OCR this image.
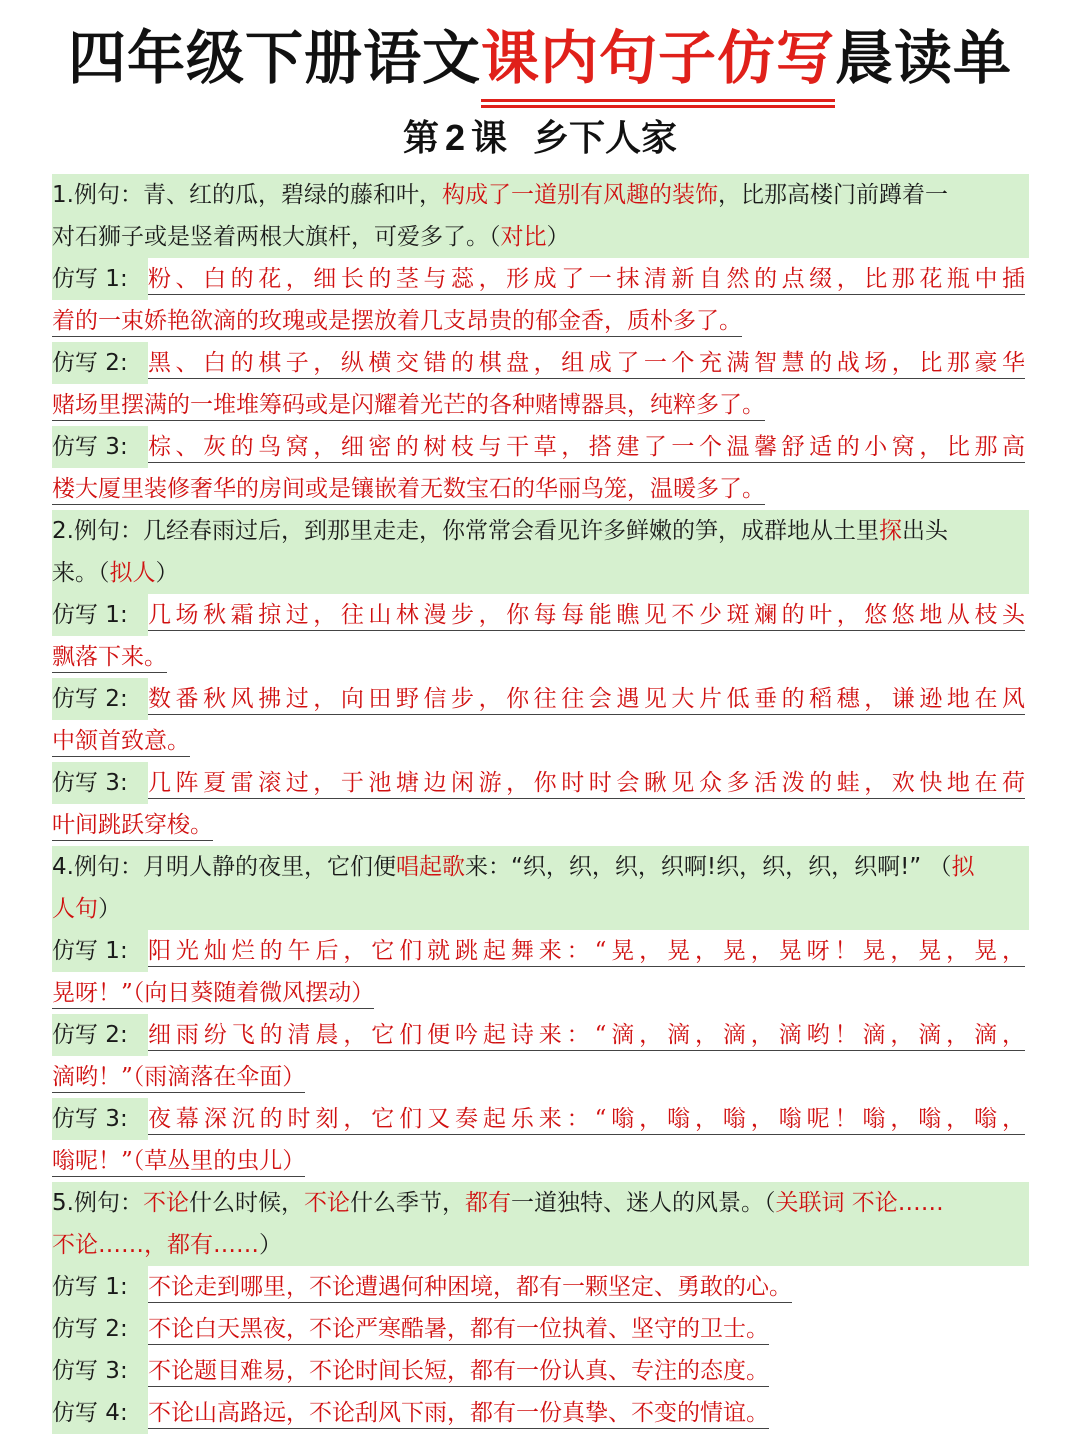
四年级下册语文课内句子仿写晨读单
第 2 课 乡下人家
1.例句：青、红的瓜，碧绿的藤和叶，构成了一道别有风趣的装饰，比那高楼门前蹲着一
对石狮子或是竖着两根大旗杆，可爱多了。（对比）
仿写 1: 粉、白的花，细长的茎与蕊，形成了一抹清新自然的点缀，比那花瓶中插
着的一束娇艳欲滴的玫瑰或是摆放着几支昂贵的郁金香，质朴多了。
仿写 2: 黑、白的棋子，纵横交错的棋盘，组成了一个充满智慧的战场，比那豪华
赌场里摆满的一堆堆筹码或是闪耀着光芒的各种赌博器具，纯粹多了。
仿写 3: 棕、灰的鸟窝，细密的树枝与干草，搭建了一个温馨舒适的小窝，比那高
楼大厦里装修奢华的房间或是镶嵌着无数宝石的华丽鸟笼，温暖多了。
2.例句：几经春雨过后，到那里走走，你常常会看见许多鲜嫩的笋，成群地从土里探出头
来。（拟人）
仿写 1: 几场秋霜掠过，往山林漫步，你每每能瞧见不少斑斓的叶，悠悠地从枝头
飘落下来。
仿写 2: 数番秋风拂过，向田野信步，你往往会遇见大片低垂的稻穗，谦逊地在风
中颔首致意。
仿写 3: 几阵夏雷滚过，于池塘边闲游，你时时会瞅见众多活泼的蛙，欢快地在荷
叶间跳跃穿梭。
4.例句：月明人静的夜里，它们便唱起歌来：“织，织，织，织啊!织，织，织，织啊!” （拟
人句）
仿写 1: 阳光灿烂的午后，它们就跳起舞来：“晃，晃，晃，晃呀！晃，晃，晃，
晃呀！”（向日葵随着微风摆动）
仿写 2: 细雨纷飞的清晨，它们便吟起诗来：“滴，滴，滴，滴哟！滴，滴，滴，
滴哟！”（雨滴落在伞面）
仿写 3: 夜幕深沉的时刻，它们又奏起乐来：“嗡，嗡，嗡，嗡呢！嗡，嗡，嗡，
嗡呢！”（草丛里的虫儿）
5.例句：不论什么时候，不论什么季节，都有一道独特、迷人的风景。（关联词 不论……
不论……，都有……）
仿写 1: 不论走到哪里，不论遭遇何种困境，都有一颗坚定、勇敢的心。
仿写 2: 不论白天黑夜，不论严寒酷暑，都有一位执着、坚守的卫士。
仿写 3: 不论题目难易，不论时间长短，都有一份认真、专注的态度。
仿写 4: 不论山高路远，不论刮风下雨，都有一份真挚、不变的情谊。
